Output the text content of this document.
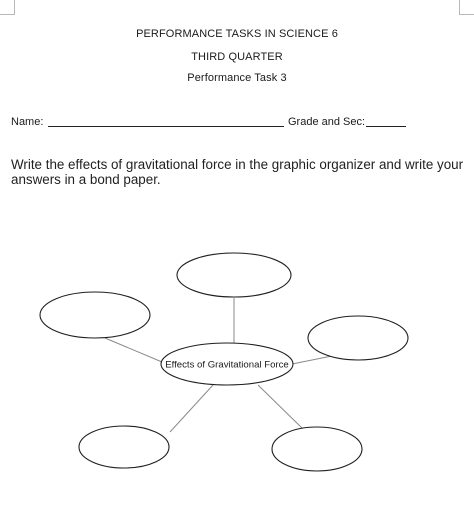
PERFORMANCE TASKS IN SCIENCE 6
THIRD QUARTER
Performance Task 3
Name:	Grade and Sec:
Write the effects of gravitational force in the graphic organizer and write your answers in a bond paper.
Effects of Gravitational Force
